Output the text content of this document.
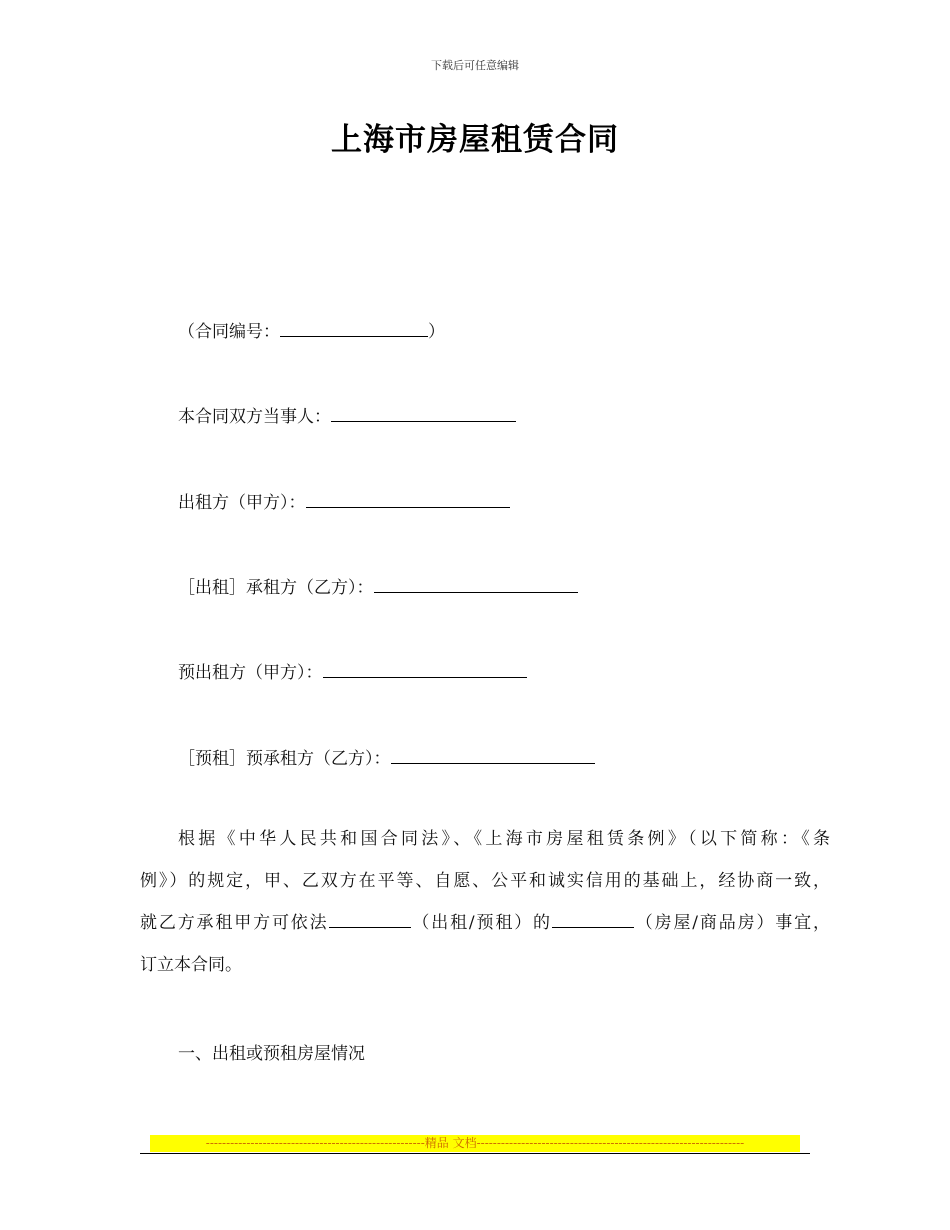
下载后可任意编辑
上海市房屋租赁合同
（合同编号：	）
本合同双方当事人：
出租方（甲方）：
［出租］承租方（乙方）：
预出租方（甲方）：
［预租］预承租方（乙方）：
根据《中华人民共和国合同法》、《上海市房屋租赁条例》（以下简称：《条
例》）的规定，甲、乙双方在平等、自愿、公平和诚实信用的基础上，经协商一致，
就乙方承租甲方可依法	（出租/预租）的	（房屋/商品房）事宜，
订立本合同。
一、出租或预租房屋情况
------------------------------------------------------精品 文档------------------------------------------------------------------
